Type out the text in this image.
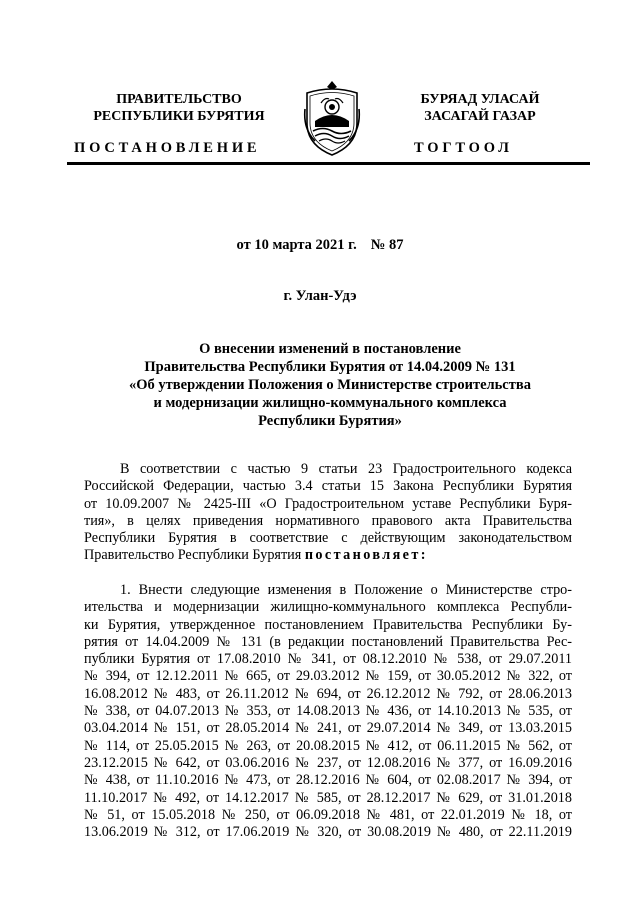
ПРАВИТЕЛЬСТВО
РЕСПУБЛИКИ БУРЯТИЯ
БУРЯАД УЛАСАЙ
ЗАСАГАЙ ГАЗАР
ПОСТАНОВЛЕНИЕ	ТОГТООЛ
от 10 марта 2021 г. № 87
г. Улан-Удэ
О внесении изменений в постановление
Правительства Республики Бурятия от 14.04.2009 № 131
«Об утверждении Положения о Министерстве строительства
и модернизации жилищно-коммунального комплекса
Республики Бурятия»
В соответствии с частью 9 статьи 23 Градостроительного кодекса
Российской Федерации, частью 3.4 статьи 15 Закона Республики Бурятия
от 10.09.2007 № 2425-III «О Градостроительном уставе Республики Буря-
тия», в целях приведения нормативного правового акта Правительства
Республики Бурятия в соответствие с действующим законодательством
Правительство Республики Бурятия постановляет:
1. Внести следующие изменения в Положение о Министерстве стро-
ительства и модернизации жилищно-коммунального комплекса Республи-
ки Бурятия, утвержденное постановлением Правительства Республики Бу-
рятия от 14.04.2009 № 131 (в редакции постановлений Правительства Рес-
публики Бурятия от 17.08.2010 № 341, от 08.12.2010 № 538, от 29.07.2011
№ 394, от 12.12.2011 № 665, от 29.03.2012 № 159, от 30.05.2012 № 322, от
16.08.2012 № 483, от 26.11.2012 № 694, от 26.12.2012 № 792, от 28.06.2013
№ 338, от 04.07.2013 № 353, от 14.08.2013 № 436, от 14.10.2013 № 535, от
03.04.2014 № 151, от 28.05.2014 № 241, от 29.07.2014 № 349, от 13.03.2015
№ 114, от 25.05.2015 № 263, от 20.08.2015 № 412, от 06.11.2015 № 562, от
23.12.2015 № 642, от 03.06.2016 № 237, от 12.08.2016 № 377, от 16.09.2016
№ 438, от 11.10.2016 № 473, от 28.12.2016 № 604, от 02.08.2017 № 394, от
11.10.2017 № 492, от 14.12.2017 № 585, от 28.12.2017 № 629, от 31.01.2018
№ 51, от 15.05.2018 № 250, от 06.09.2018 № 481, от 22.01.2019 № 18, от
13.06.2019 № 312, от 17.06.2019 № 320, от 30.08.2019 № 480, от 22.11.2019
